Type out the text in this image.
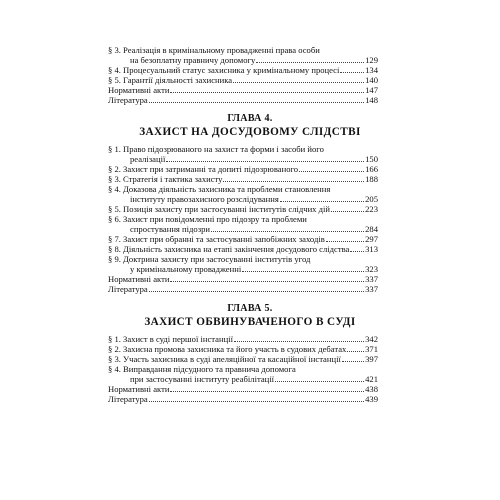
§ 3. Реалізація в кримінальному провадженні права особи
на безоплатну правничу допомогу	129
§ 4. Процесуальний статус захисника у кримінальному процесі	134
§ 5. Гарантії діяльності захисника	140
Нормативні акти	147
Література	148
ГЛАВА 4.
ЗАХИСТ НА ДОСУДОВОМУ СЛІДСТВІ
§ 1. Право підозрюваного на захист та форми і засоби його
реалізації	150
§ 2. Захист при затриманні та допиті підозрюваного	166
§ 3. Стратегія і тактика захисту	188
§ 4. Доказова діяльність захисника та проблеми становлення
інституту правозахисного розслідування	205
§ 5. Позиція захисту при застосуванні інститутів слідчих дій	223
§ 6. Захист при повідомленні про підозру та проблеми
спростування підозри	284
§ 7. Захист при обранні та застосуванні запобіжних заходів	297
§ 8. Діяльність захисника на етапі закінчення досудового слідства 313
§ 9. Доктрина захисту при застосуванні інститутів угод
у кримінальному провадженні	323
Нормативні акти	337
Література	337
ГЛАВА 5.
ЗАХИСТ ОБВИНУВАЧЕНОГО В СУДІ
§ 1. Захист в суді першої інстанції	342
§ 2. Захисна промова захисника та його участь в судових дебатах 371
§ 3. Участь захисника в суді апеляційної та касаційної інстанції	397
§ 4. Виправдання підсудного та правнича допомога
при застосуванні інституту реабілітації	421
Нормативні акти	438
Література	439
